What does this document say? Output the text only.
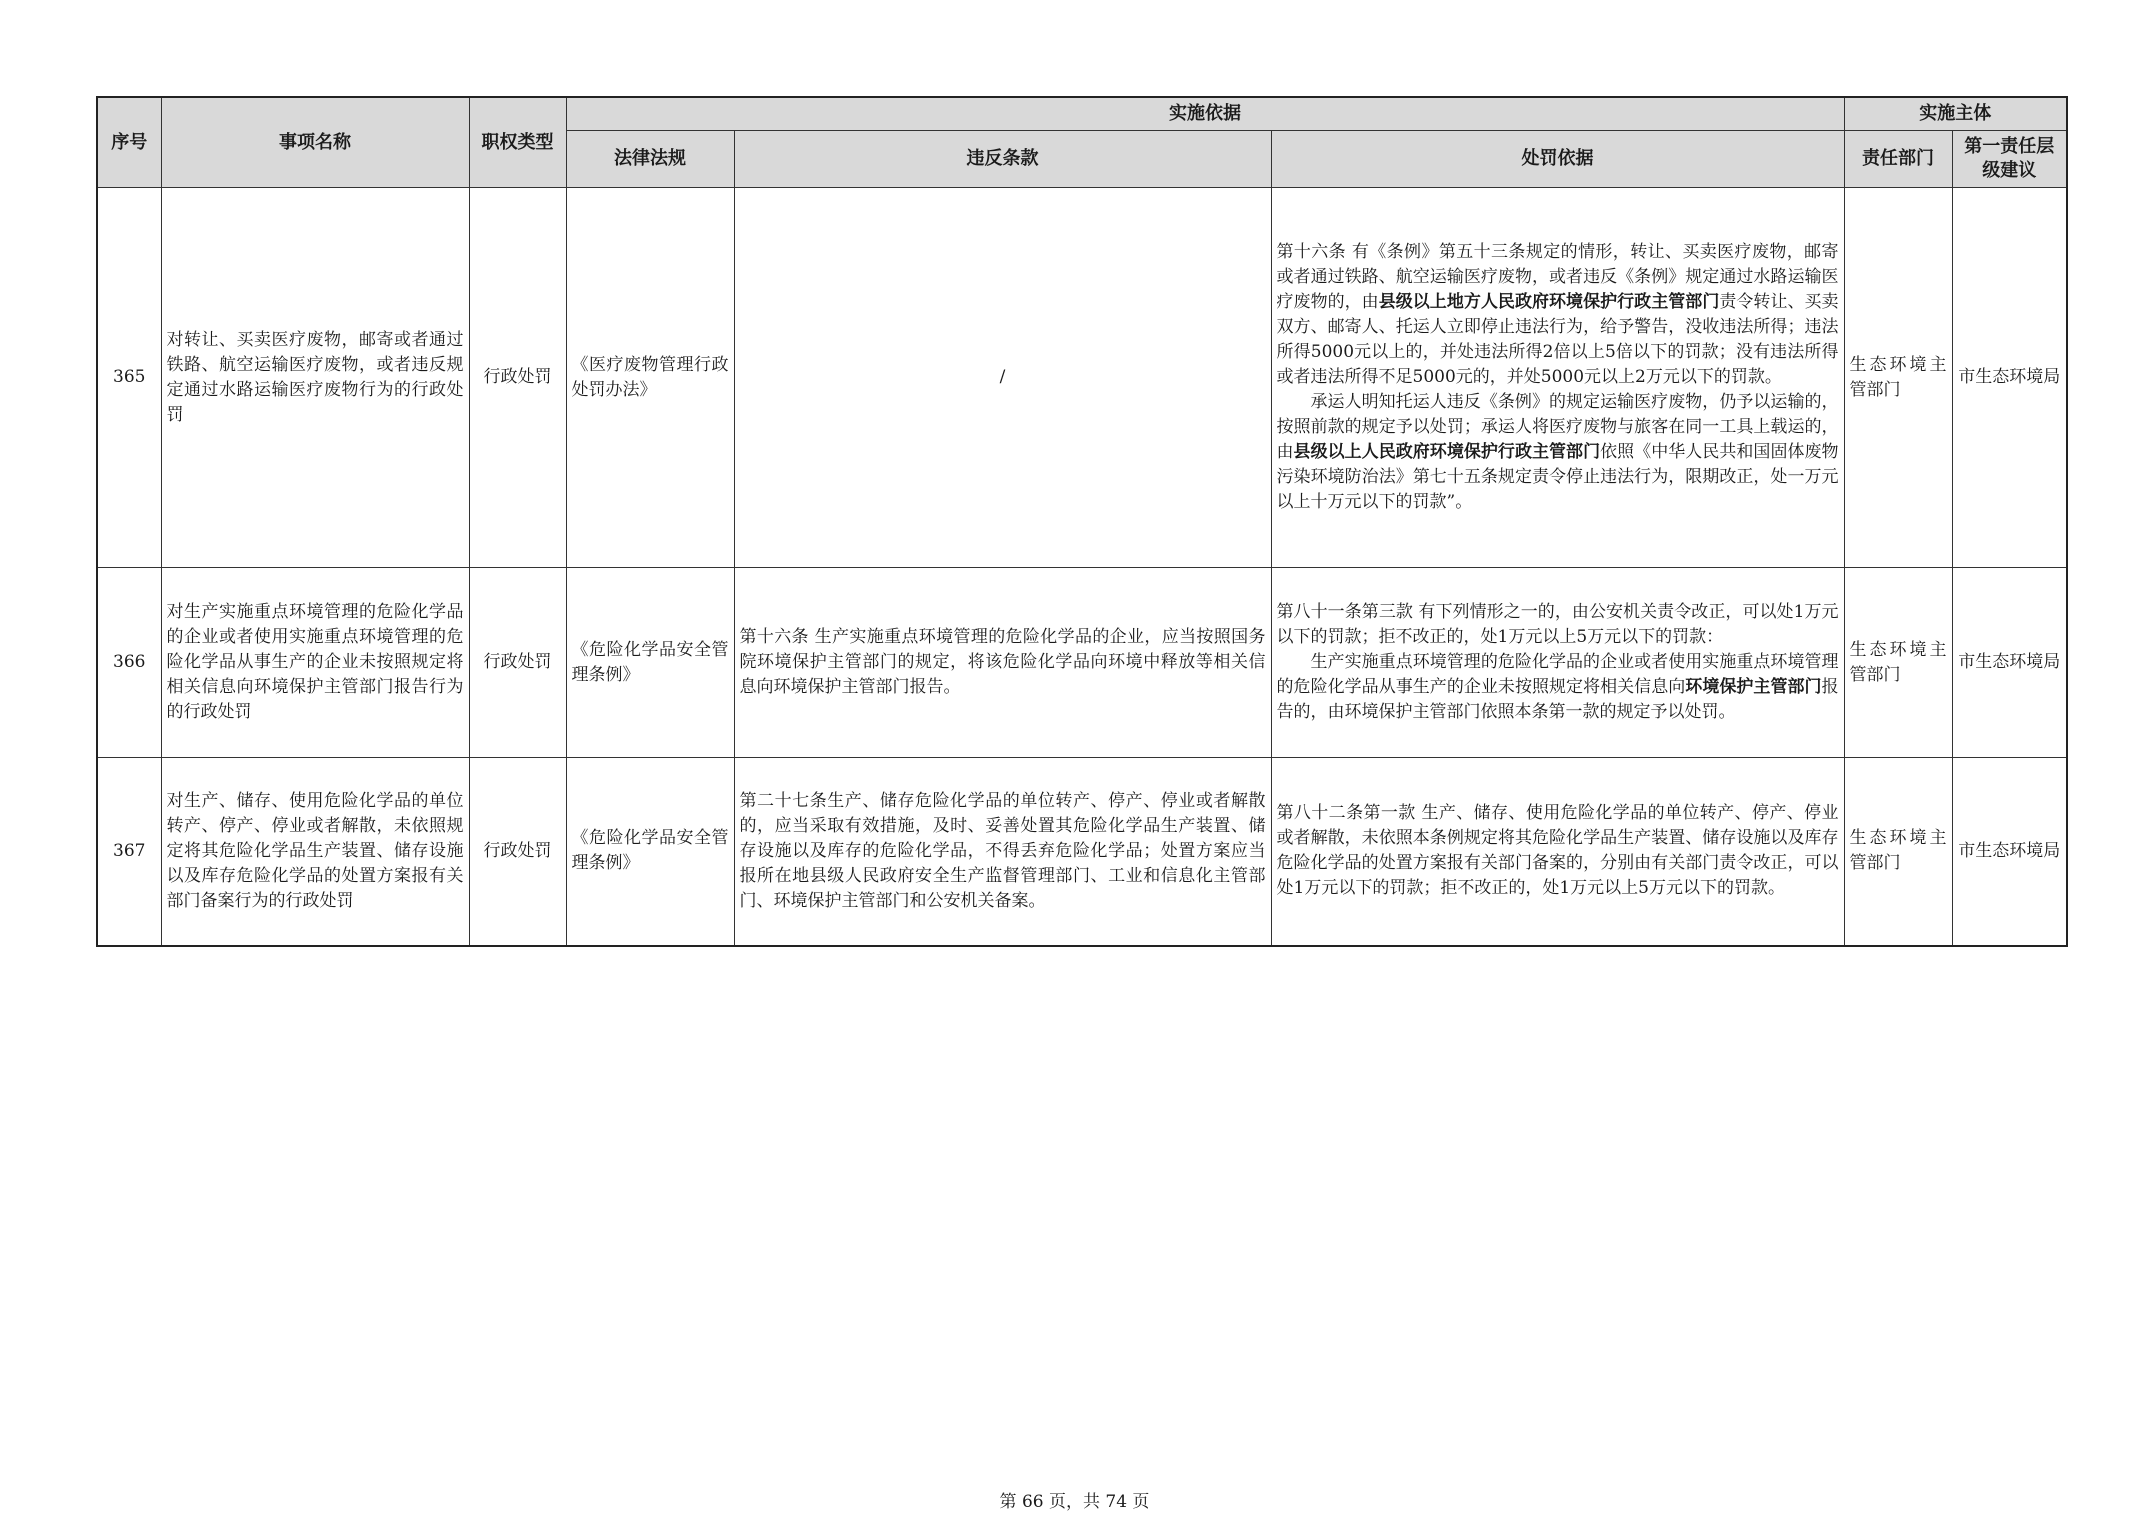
序号	事项名称	职权类型	实施依据			实施主体	
			法律法规	违反条款	处罚依据	责任部门	第一责任层级建议
365	对转让、买卖医疗废物，邮寄或者通过铁路、航空运输医疗废物，或者违反规定通过水路运输医疗废物行为的行政处罚	行政处罚	《医疗废物管理行政处罚办法》	/	第十六条 有《条例》第五十三条规定的情形，转让、买卖医疗废物，邮寄或者通过铁路、航空运输医疗废物，或者违反《条例》规定通过水路运输医疗废物的，由县级以上地方人民政府环境保护行政主管部门责令转让、买卖双方、邮寄人、托运人立即停止违法行为，给予警告，没收违法所得；违法所得5000元以上的，并处违法所得2倍以上5倍以下的罚款；没有违法所得或者违法所得不足5000元的，并处5000元以上2万元以下的罚款。
承运人明知托运人违反《条例》的规定运输医疗废物，仍予以运输的，按照前款的规定予以处罚；承运人将医疗废物与旅客在同一工具上载运的，由县级以上人民政府环境保护行政主管部门依照《中华人民共和国固体废物污染环境防治法》第七十五条规定责令停止违法行为，限期改正，处一万元以上十万元以下的罚款”。	生态环境主管部门	市生态环境局
366	对生产实施重点环境管理的危险化学品的企业或者使用实施重点环境管理的危险化学品从事生产的企业未按照规定将相关信息向环境保护主管部门报告行为的行政处罚	行政处罚	《危险化学品安全管理条例》	第十六条 生产实施重点环境管理的危险化学品的企业，应当按照国务院环境保护主管部门的规定，将该危险化学品向环境中释放等相关信息向环境保护主管部门报告。	第八十一条第三款 有下列情形之一的，由公安机关责令改正，可以处1万元以下的罚款；拒不改正的，处1万元以上5万元以下的罚款：
生产实施重点环境管理的危险化学品的企业或者使用实施重点环境管理的危险化学品从事生产的企业未按照规定将相关信息向环境保护主管部门报告的，由环境保护主管部门依照本条第一款的规定予以处罚。	生态环境主管部门	市生态环境局
367	对生产、储存、使用危险化学品的单位转产、停产、停业或者解散，未依照规定将其危险化学品生产装置、储存设施以及库存危险化学品的处置方案报有关部门备案行为的行政处罚	行政处罚	《危险化学品安全管理条例》	第二十七条生产、储存危险化学品的单位转产、停产、停业或者解散的，应当采取有效措施，及时、妥善处置其危险化学品生产装置、储存设施以及库存的危险化学品，不得丢弃危险化学品；处置方案应当报所在地县级人民政府安全生产监督管理部门、工业和信息化主管部门、环境保护主管部门和公安机关备案。	第八十二条第一款 生产、储存、使用危险化学品的单位转产、停产、停业或者解散，未依照本条例规定将其危险化学品生产装置、储存设施以及库存危险化学品的处置方案报有关部门备案的，分别由有关部门责令改正，可以处1万元以下的罚款；拒不改正的，处1万元以上5万元以下的罚款。	生态环境主管部门	市生态环境局
第 66 页，共 74 页
